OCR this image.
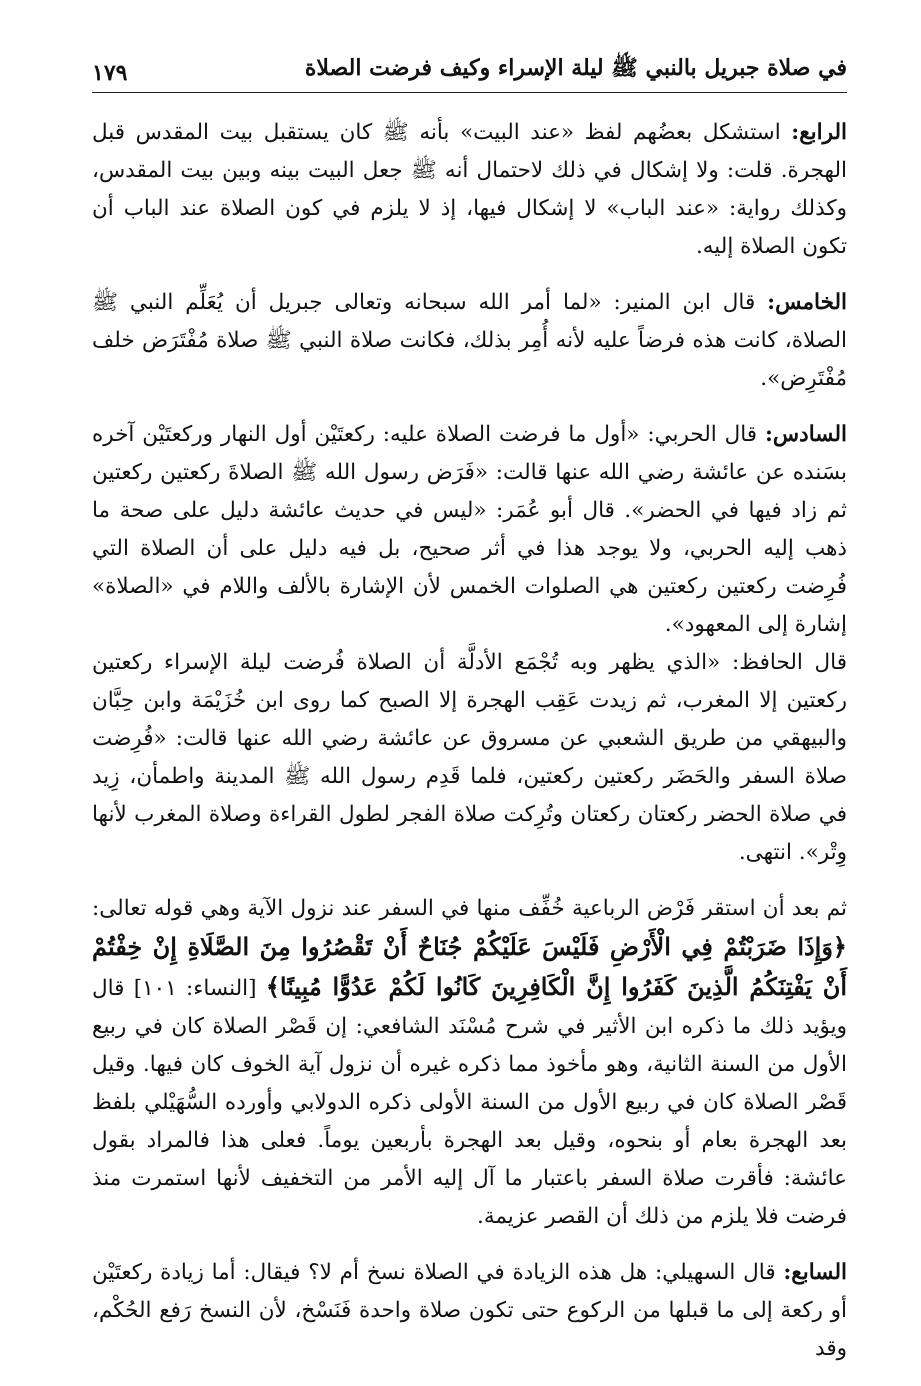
في صلاة جبريل بالنبي ﷺ ليلة الإسراء وكيف فرضت الصلاة
١٧٩

الرابع: استشكل بعضُهم لفظ «عند البيت» بأنه ﷺ كان يستقبل بيت المقدس قبل الهجرة. قلت: ولا إشكال في ذلك لاحتمال أنه ﷺ جعل البيت بينه وبين بيت المقدس، وكذلك رواية: «عند الباب» لا إشكال فيها، إذ لا يلزم في كون الصلاة عند الباب أن تكون الصلاة إليه.

الخامس: قال ابن المنير: «لما أمر الله سبحانه وتعالى جبريل أن يُعَلِّم النبي ﷺ الصلاة، كانت هذه فرضاً عليه لأنه أُمِر بذلك، فكانت صلاة النبي ﷺ صلاة مُفْتَرَض خلف مُفْتَرِض».

السادس: قال الحربي: «أول ما فرضت الصلاة عليه: ركعتَيْن أول النهار وركعتَيْن آخره بسَنده عن عائشة رضي الله عنها قالت: «فَرَض رسول الله ﷺ الصلاةَ ركعتين ركعتين ثم زاد فيها في الحضر». قال أبو عُمَر: «ليس في حديث عائشة دليل على صحة ما ذهب إليه الحربي، ولا يوجد هذا في أثر صحيح، بل فيه دليل على أن الصلاة التي فُرِضت ركعتين ركعتين هي الصلوات الخمس لأن الإشارة بالألف واللام في «الصلاة» إشارة إلى المعهود».

قال الحافظ: «الذي يظهر وبه تُجْمَع الأدلَّة أن الصلاة فُرضت ليلة الإسراء ركعتين ركعتين إلا المغرب، ثم زيدت عَقِب الهجرة إلا الصبح كما روى ابن خُزَيْمَة وابن حِبَّان والبيهقي من طريق الشعبي عن مسروق عن عائشة رضي الله عنها قالت: «فُرِضت صلاة السفر والحَضَر ركعتين ركعتين، فلما قَدِم رسول الله ﷺ المدينة واطمأن، زِيد في صلاة الحضر ركعتان ركعتان وتُرِكت صلاة الفجر لطول القراءة وصلاة المغرب لأنها وِتْر». انتهى.

ثم بعد أن استقر فَرْض الرباعية خُفِّف منها في السفر عند نزول الآية وهي قوله تعالى: ﴿وَإِذَا ضَرَبْتُمْ فِي الْأَرْضِ فَلَيْسَ عَلَيْكُمْ جُنَاحٌ أَنْ تَقْصُرُوا مِنَ الصَّلَاةِ إِنْ خِفْتُمْ أَنْ يَفْتِنَكُمُ الَّذِينَ كَفَرُوا إِنَّ الْكَافِرِينَ كَانُوا لَكُمْ عَدُوًّا مُبِينًا﴾ [النساء: ١٠١] قال ويؤيد ذلك ما ذكره ابن الأثير في شرح مُسْنَد الشافعي: إن قَصْر الصلاة كان في ربيع الأول من السنة الثانية، وهو مأخوذ مما ذكره غيره أن نزول آية الخوف كان فيها. وقيل قَصْر الصلاة كان في ربيع الأول من السنة الأولى ذكره الدولابي وأورده السُّهَيْلي بلفظ بعد الهجرة بعام أو بنحوه، وقيل بعد الهجرة بأربعين يوماً. فعلى هذا فالمراد بقول عائشة: فأقرت صلاة السفر باعتبار ما آل إليه الأمر من التخفيف لأنها استمرت منذ فرضت فلا يلزم من ذلك أن القصر عزيمة.

السابع: قال السهيلي: هل هذه الزيادة في الصلاة نسخ أم لا؟ فيقال: أما زيادة ركعتَيْن أو ركعة إلى ما قبلها من الركوع حتى تكون صلاة واحدة فَنَسْخ، لأن النسخ رَفع الحُكْم، وقد
